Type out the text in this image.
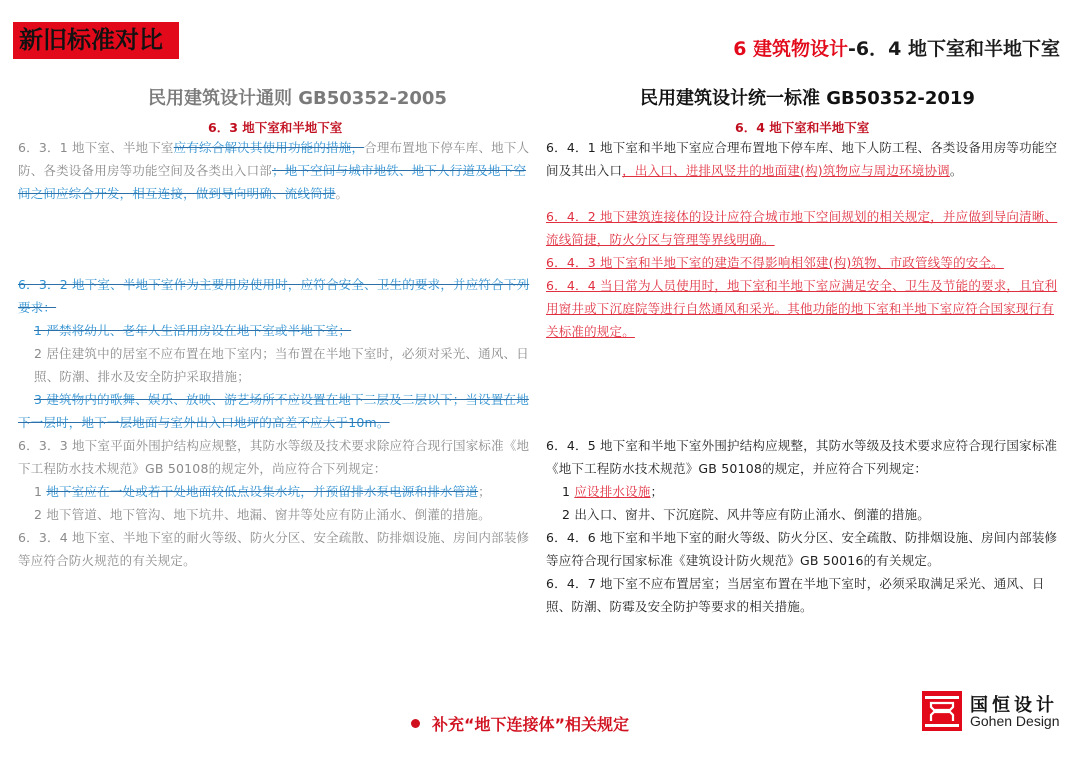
新旧标准对比	6 建筑物设计-6．4 地下室和半地下室
民用建筑设计通则 GB50352-2005	民用建筑设计统一标准 GB50352-2019
6．3 地下室和半地下室	6．4 地下室和半地下室
6．3．1 地下室、半地下室应有综合解决其使用功能的措施，合理布置地下停车库、地下人防、各类设备用房等功能空间及各类出入口部；地下空间与城市地铁、地下人行道及地下空间之间应综合开发，相互连接，做到导向明确、流线简捷。
6．3．2 地下室、半地下室作为主要用房使用时，应符合安全、卫生的要求，并应符合下列要求：
1 严禁将幼儿、老年人生活用房设在地下室或半地下室；
2 居住建筑中的居室不应布置在地下室内；当布置在半地下室时，必须对采光、通风、日照、防潮、排水及安全防护采取措施；
3 建筑物内的歌舞、娱乐、放映、游艺场所不应设置在地下二层及二层以下；当设置在地下一层时，地下一层地面与室外出入口地坪的高差不应大于10m。
6．3．3 地下室平面外围护结构应规整，其防水等级及技术要求除应符合现行国家标准《地下工程防水技术规范》GB 50108的规定外，尚应符合下列规定：
1 地下室应在一处或若干处地面较低点设集水坑，并预留排水泵电源和排水管道；
2 地下管道、地下管沟、地下坑井、地漏、窗井等处应有防止涌水、倒灌的措施。
6．3．4 地下室、半地下室的耐火等级、防火分区、安全疏散、防排烟设施、房间内部装修等应符合防火规范的有关规定。
6．4．1 地下室和半地下室应合理布置地下停车库、地下人防工程、各类设备用房等功能空间及其出入口，出入口、进排风竖井的地面建(构)筑物应与周边环境协调。
6．4．2 地下建筑连接体的设计应符合城市地下空间规划的相关规定，并应做到导向清晰、流线简捷，防火分区与管理等界线明确。
6．4．3 地下室和半地下室的建造不得影响相邻建(构)筑物、市政管线等的安全。
6．4．4 当日常为人员使用时，地下室和半地下室应满足安全、卫生及节能的要求，且宜利用窗井或下沉庭院等进行自然通风和采光。其他功能的地下室和半地下室应符合国家现行有关标准的规定。
6．4．5 地下室和半地下室外围护结构应规整，其防水等级及技术要求应符合现行国家标准《地下工程防水技术规范》GB 50108的规定，并应符合下列规定：
1 应设排水设施；
2 出入口、窗井、下沉庭院、风井等应有防止涌水、倒灌的措施。
6．4．6 地下室和半地下室的耐火等级、防火分区、安全疏散、防排烟设施、房间内部装修等应符合现行国家标准《建筑设计防火规范》GB 50016的有关规定。
6．4．7 地下室不应布置居室；当居室布置在半地下室时，必须采取满足采光、通风、日照、防潮、防霉及安全防护等要求的相关措施。
补充“地下连接体”相关规定
国恒设计
Gohen Design
